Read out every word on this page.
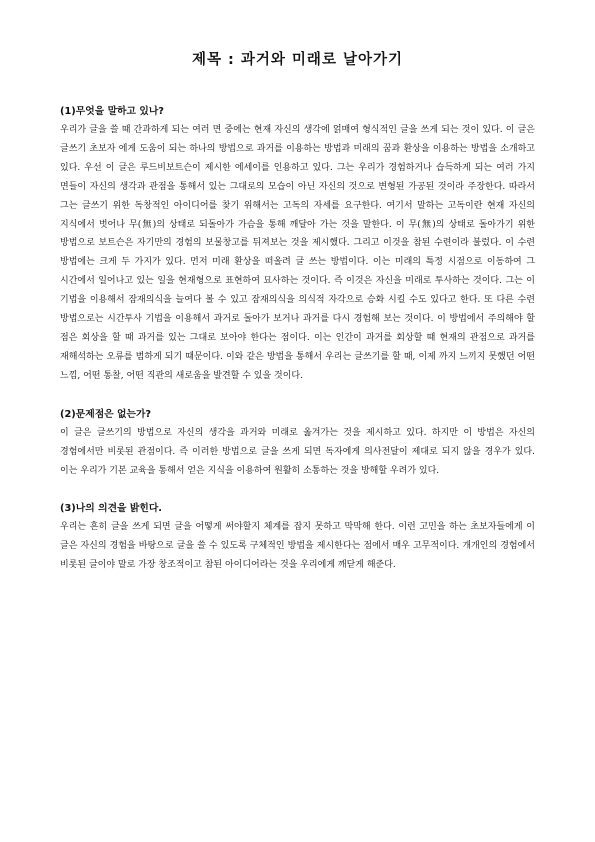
제목 : 과거와 미래로 날아가기
(1)무엇을 말하고 있나?

우리가 글을 쓸 때 간과하게 되는 여러 면 중에는 현재 자신의 생각에 얽매여 형식적인 글을 쓰게 되는 것이 있다. 이 글은 글쓰기 초보자 에게 도움이 되는 하나의 방법으로 과거를 이용하는 방법과 미래의 꿈과 환상을 이용하는 방법을 소개하고 있다. 우선 이 글은 루드비보트슨이 제시한 에세이를 인용하고 있다. 그는 우리가 경험하거나 습득하게 되는 여러 가지 면들이 자신의 생각과 관점을 통해서 있는 그대로의 모습이 아닌 자신의 것으로 변형된 가공된 것이라 주장한다. 따라서 그는 글쓰기 위한 독창적인 아이디어를 찾기 위해서는 고독의 자세를 요구한다. 여기서 말하는 고독이란 현재 자신의 지식에서 벗어나 무(無)의 상태로 되돌아가 가슴을 통해 깨달아 가는 것을 말한다. 이 무(無)의 상태로 돌아가기 위한 방법으로 보트슨은 자기만의 경험의 보물창고를 뒤져보는 것을 제시했다. 그리고 이것을 참된 수련이라 불렀다. 이 수련 방법에는 크게 두 가지가 있다. 먼저 미래 환상을 떠올려 글 쓰는 방법이다. 이는 미래의 특정 시점으로 이동하여 그 시간에서 일어나고 있는 일을 현재형으로 표현하여 묘사하는 것이다. 즉 이것은 자신을 미래로 투사하는 것이다. 그는 이 기법을 이용해서 잠재의식을 늘여다 볼 수 있고 잠재의식을 의식적 자각으로 승화 시킬 수도 있다고 한다. 또 다른 수련 방법으로는 시간투사 기법을 이용해서 과거로 돌아가 보거나 과거를 다시 경험해 보는 것이다. 이 방법에서 주의해야 할 점은 회상을 할 때 과거를 있는 그대로 보아야 한다는 점이다. 이는 인간이 과거를 회상할 때 현재의 관점으로 과거를 재해석하는 오류를 범하게 되기 때문이다. 이와 같은 방법을 통해서 우리는 글쓰기를 할 때, 이제 까지 느끼지 못했던 어떤 느낌, 어떤 통찰, 어떤 직관의 새로움을 발견할 수 있을 것이다.

(2)문제점은 없는가?

이 글은 글쓰기의 방법으로 자신의 생각을 과거와 미래로 옮겨가는 것을 제시하고 있다. 하지만 이 방법은 자신의 경험에서만 비롯된 관점이다. 즉 이러한 방법으로 글을 쓰게 되면 독자에게 의사전달이 제대로 되지 않을 경우가 있다. 이는 우리가 기본 교육을 통해서 얻은 지식을 이용하여 원활히 소통하는 것을 방해할 우려가 있다.

(3)나의 의견을 밝힌다.

우리는 흔히 글을 쓰게 되면 글을 어떻게 써야할지 체계를 잡지 못하고 막막해 한다. 이런 고민을 하는 초보자들에게 이 글은 자신의 경험을 바탕으로 글을 쓸 수 있도록 구체적인 방법을 제시한다는 점에서 매우 고무적이다. 개개인의 경험에서 비롯된 글이야 말로 가장 창조적이고 참된 아이디어라는 것을 우리에게 깨닫게 해준다.
